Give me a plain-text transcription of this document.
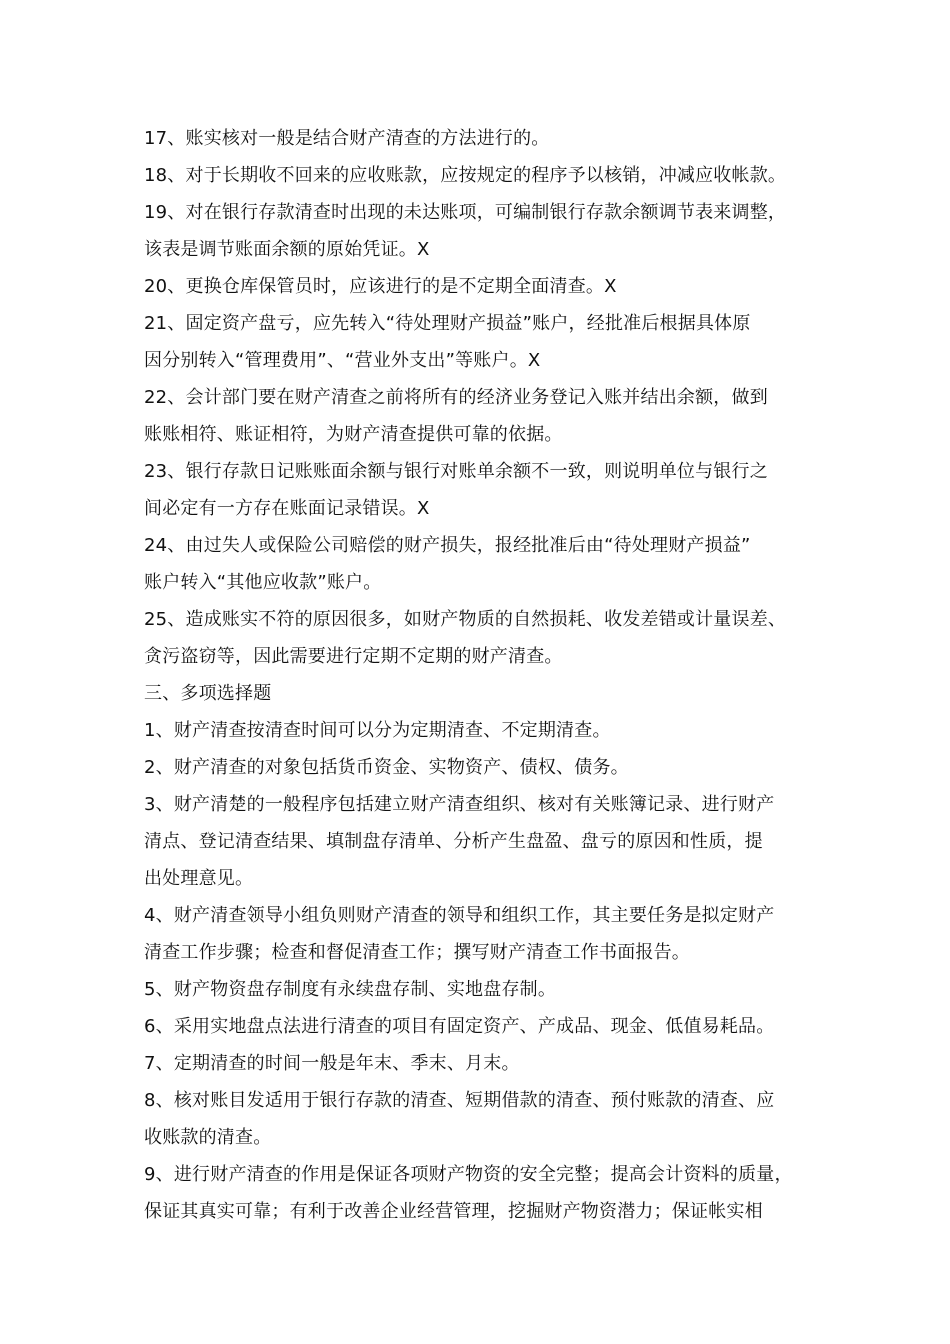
17、账实核对一般是结合财产清查的方法进行的。
18、对于长期收不回来的应收账款，应按规定的程序予以核销，冲减应收帐款。
19、对在银行存款清查时出现的未达账项，可编制银行存款余额调节表来调整，
该表是调节账面余额的原始凭证。X
20、更换仓库保管员时，应该进行的是不定期全面清查。X
21、固定资产盘亏，应先转入“待处理财产损益”账户，经批准后根据具体原
因分别转入“管理费用”、“营业外支出”等账户。X
22、会计部门要在财产清查之前将所有的经济业务登记入账并结出余额，做到
账账相符、账证相符，为财产清查提供可靠的依据。
23、银行存款日记账账面余额与银行对账单余额不一致，则说明单位与银行之
间必定有一方存在账面记录错误。X
24、由过失人或保险公司赔偿的财产损失，报经批准后由“待处理财产损益”
账户转入“其他应收款”账户。
25、造成账实不符的原因很多，如财产物质的自然损耗、收发差错或计量误差、
贪污盗窃等，因此需要进行定期不定期的财产清查。
三、多项选择题
1、财产清查按清查时间可以分为定期清查、不定期清查。
2、财产清查的对象包括货币资金、实物资产、债权、债务。
3、财产清楚的一般程序包括建立财产清查组织、核对有关账簿记录、进行财产
清点、登记清查结果、填制盘存清单、分析产生盘盈、盘亏的原因和性质，提
出处理意见。
4、财产清查领导小组负则财产清查的领导和组织工作，其主要任务是拟定财产
清查工作步骤；检查和督促清查工作；撰写财产清查工作书面报告。
5、财产物资盘存制度有永续盘存制、实地盘存制。
6、采用实地盘点法进行清查的项目有固定资产、产成品、现金、低值易耗品。
7、定期清查的时间一般是年末、季末、月末。
8、核对账目发适用于银行存款的清查、短期借款的清查、预付账款的清查、应
收账款的清查。
9、进行财产清查的作用是保证各项财产物资的安全完整；提高会计资料的质量，
保证其真实可靠；有利于改善企业经营管理，挖掘财产物资潜力；保证帐实相
